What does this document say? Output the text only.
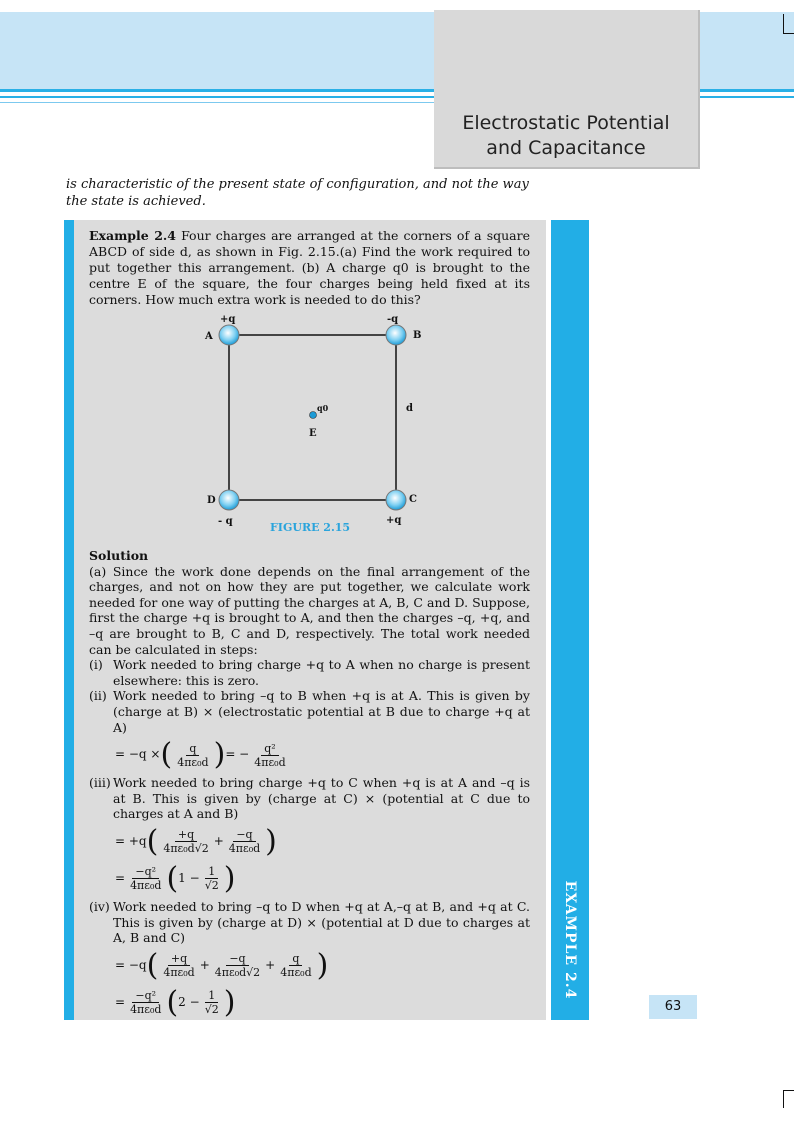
Electrostatic Potential
and Capacitance
is characteristic of the present state of configuration, and not the way the state is achieved.
EXAMPLE 2.4
Example 2.4 Four charges are arranged at the corners of a square ABCD of side d, as shown in Fig. 2.15.(a) Find the work required to put together this arrangement. (b) A charge q0 is brought to the centre E of the square, the four charges being held fixed at its corners. How much extra work is needed to do this?
+q	-q
+q
- q
A	B
C
D
d
q0
E
FIGURE 2.15

Solution

(a) Since the work done depends on the final arrangement of the charges, and not on how they are put together, we calculate work needed for one way of putting the charges at A, B, C and D. Suppose, first the charge +q is brought to A, and then the charges –q, +q, and –q are brought to B, C and D, respectively. The total work needed can be calculated in steps:

(i) Work needed to bring charge +q to A when no charge is present elsewhere: this is zero.
(ii) Work needed to bring –q to B when +q is at A. This is given by (charge at B) × (electrostatic potential at B due to charge +q at A)
= −q × ( $\frac{q}{\text{4πε₀d}}$ ) = − $\frac{\text{q²}}{\text{4πε₀d}}$
(iii) Work needed to bring charge +q to C when +q is at A and –q is at B. This is given by (charge at C) × (potential at C due to charges at A and B)
= +q ( $\frac{+q}{\text{4πε₀d√2}} + \frac{-q}{\text{4πε₀d}}$ )
= $\frac{\text{−q²}}{\text{4πε₀d}}$ ( $1 - \frac{1}{√2}$ )
(iv) Work needed to bring –q to D when +q at A,–q at B, and +q at C. This is given by (charge at D) × (potential at D due to charges at A, B and C)
= −q ( $\frac{+q}{\text{4πε₀d}} + \frac{-q}{\text{4πε₀d√2}} + \frac{q}{\text{4πε₀d}}$ )
= $\frac{\text{−q²}}{\text{4πε₀d}}$ ( $2 - \frac{1}{√2}$ )	63
